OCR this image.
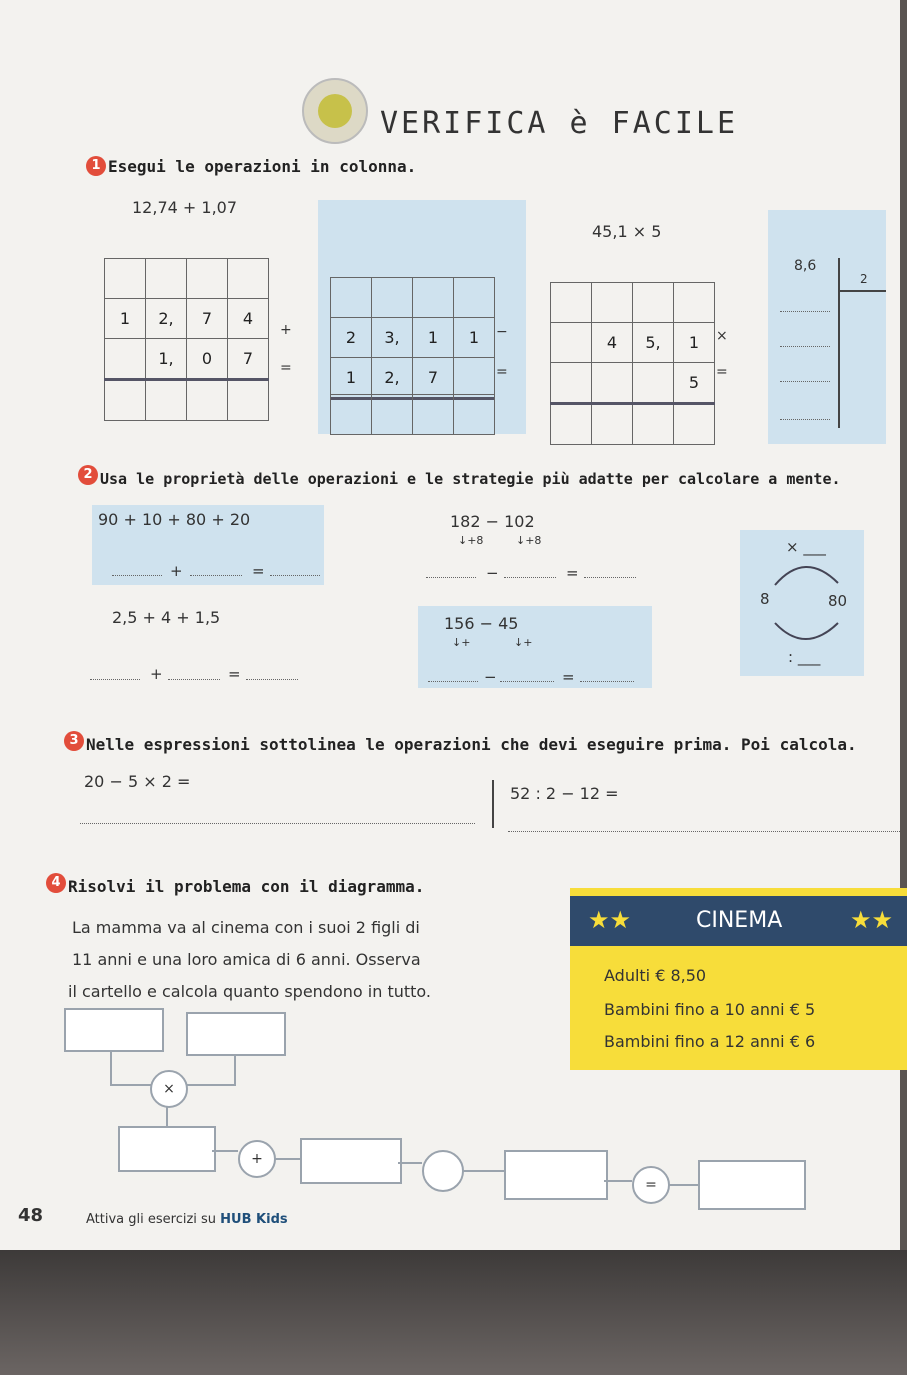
VERIFICA è FACILE
1 Esegui le operazioni in colonna.
12,74 + 1,07
45,1 × 5

1	2,	7	4
	1,	0	7

+
=

2	3,	1	1
1	2,	7	

−
=

	4	5,	1
			5

×
=
8,6
2
2 Usa le proprietà delle operazioni e le strategie più adatte per calcolare a mente.
90 + 10 + 80 + 20
+	=
182 − 102
↓+8	↓+8
−	=
2,5 + 4 + 1,5
+	=
156 − 45
↓+	↓+
−	=
× ___
8	80
: ___
3 Nelle espressioni sottolinea le operazioni che devi eseguire prima. Poi calcola.
20 − 5 × 2 =
52 : 2 − 12 =
4 Risolvi il problema con il diagramma.
La mamma va al cinema con i suoi 2 figli di
11 anni e una loro amica di 6 anni. Osserva
il cartello e calcola quanto spendono in tutto.
★★	CINEMA	★★
Adulti € 8,50
Bambini fino a 10 anni € 5
Bambini fino a 12 anni € 6
×
+
=
48	Attiva gli esercizi su HUB Kids
